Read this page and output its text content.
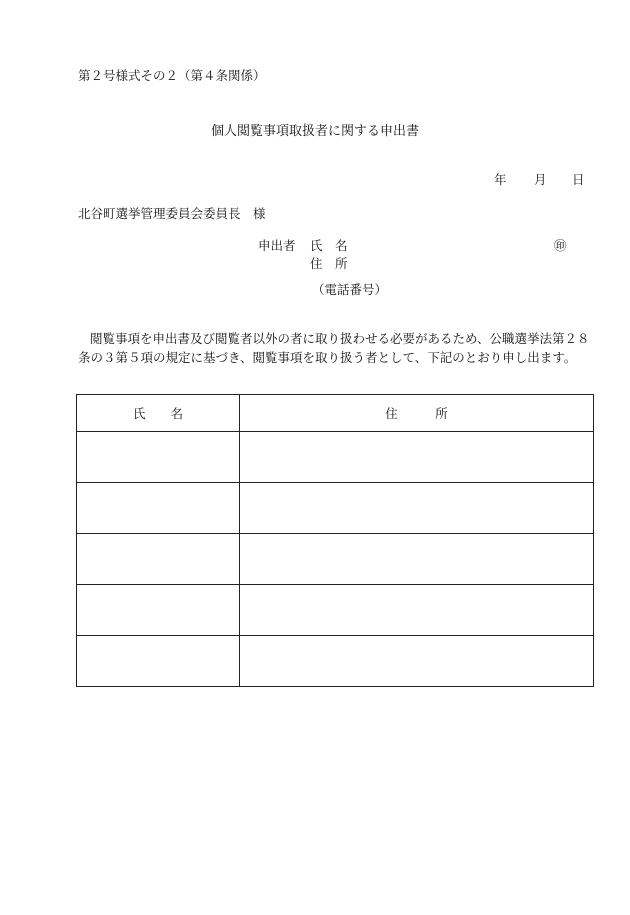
第２号様式その２（第４条関係）
個人閲覧事項取扱者に関する申出書
年 月 日
北谷町選挙管理委員会委員長　様
申出者 氏　名	㊞
住　所
（電話番号）
閲覧事項を申出書及び閲覧者以外の者に取り扱わせる必要があるため、公職選挙法第２８条の３第５項の規定に基づき、閲覧事項を取り扱う者として、下記のとおり申し出ます。
氏　　名	住　　　所
